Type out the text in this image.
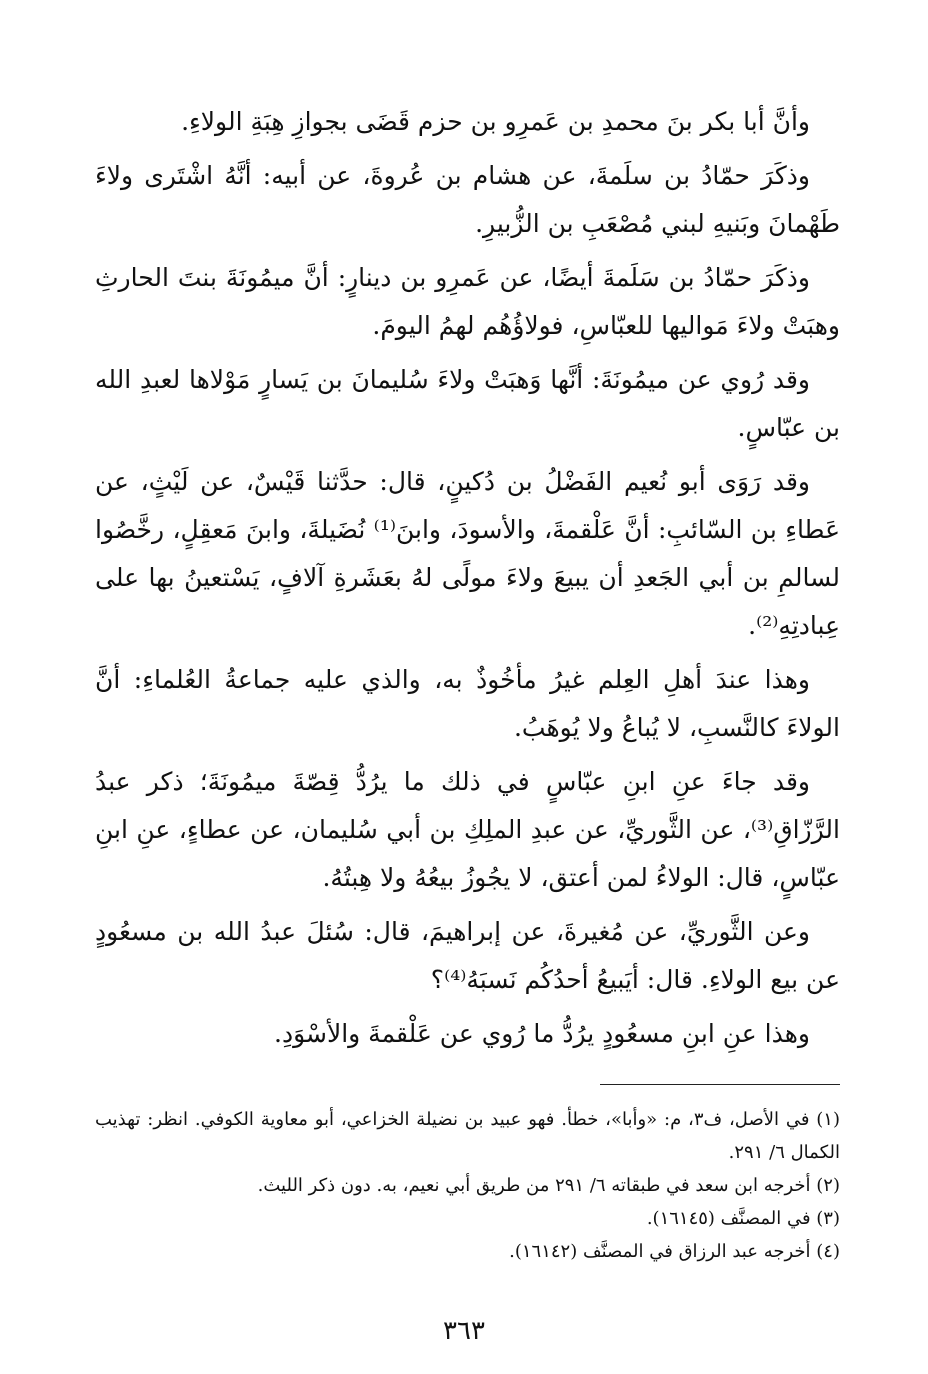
وأنَّ أبا بكر بنَ محمدِ بن عَمرِو بن حزم قَضَى بجوازِ هِبَةِ الولاءِ.

وذكَرَ حمّادُ بن سلَمةَ، عن هشام بن عُروةَ، عن أبيه: أنَّهُ اشْتَرى ولاءَ طَهْمانَ وبَنيهِ لبني مُصْعَبِ بن الزُّبيرِ.

وذكَرَ حمّادُ بن سَلَمةَ أيضًا، عن عَمرِو بن دينارٍ: أنَّ ميمُونَةَ بنتَ الحارثِ وهبَتْ ولاءَ مَواليها للعبّاسِ، فولاؤُهُم لهمُ اليومَ.

وقد رُوي عن ميمُونَةَ: أنَّها وَهبَتْ ولاءَ سُليمانَ بن يَسارٍ مَوْلاها لعبدِ الله بن عبّاسٍ.

وقد رَوَى أبو نُعيم الفَضْلُ بن دُكينٍ، قال: حدَّثنا قَيْسٌ، عن لَيْثٍ، عن عَطاءِ بن السّائبِ: أنَّ عَلْقمةَ، والأسودَ، وابنَ⁽¹⁾ نُضَيلةَ، وابنَ مَعقِلٍ، رخَّصُوا لسالمِ بن أبي الجَعدِ أن يبيعَ ولاءَ مولًى لهُ بعَشَرةِ آلافٍ، يَسْتعينُ بها على عِبادتِهِ⁽²⁾.

وهذا عندَ أهلِ العِلم غيرُ مأخُوذٌ به، والذي عليه جماعةُ العُلماءِ: أنَّ الولاءَ كالنَّسبِ، لا يُباعُ ولا يُوهَبُ.

وقد جاءَ عنِ ابنِ عبّاسٍ في ذلك ما يرُدُّ قِصّةَ ميمُونَةَ؛ ذكر عبدُ الرَّزّاقِ⁽³⁾، عن الثَّوريِّ، عن عبدِ الملِكِ بن أبي سُليمان، عن عطاءٍ، عنِ ابنِ عبّاسٍ، قال: الولاءُ لمن أعتق، لا يجُوزُ بيعُهُ ولا هِبتُهُ.

وعن الثَّوريِّ، عن مُغيرةَ، عن إبراهيمَ، قال: سُئلَ عبدُ الله بن مسعُودٍ عن بيع الولاءِ. قال: أيَبيعُ أحدُكُم نَسبَهُ⁽⁴⁾؟

وهذا عنِ ابنِ مسعُودٍ يرُدُّ ما رُوي عن عَلْقمةَ والأسْوَدِ.

(١) في الأصل، ف٣، م: «وأبا»، خطأ. فهو عبيد بن نضيلة الخزاعي، أبو معاوية الكوفي. انظر: تهذيب الكمال ٦/ ٢٩١.

(٢) أخرجه ابن سعد في طبقاته ٦/ ٢٩١ من طريق أبي نعيم، به. دون ذكر الليث.

(٣) في المصنَّف (١٦١٤٥).

(٤) أخرجه عبد الرزاق في المصنَّف (١٦١٤٢).

٣٦٣
